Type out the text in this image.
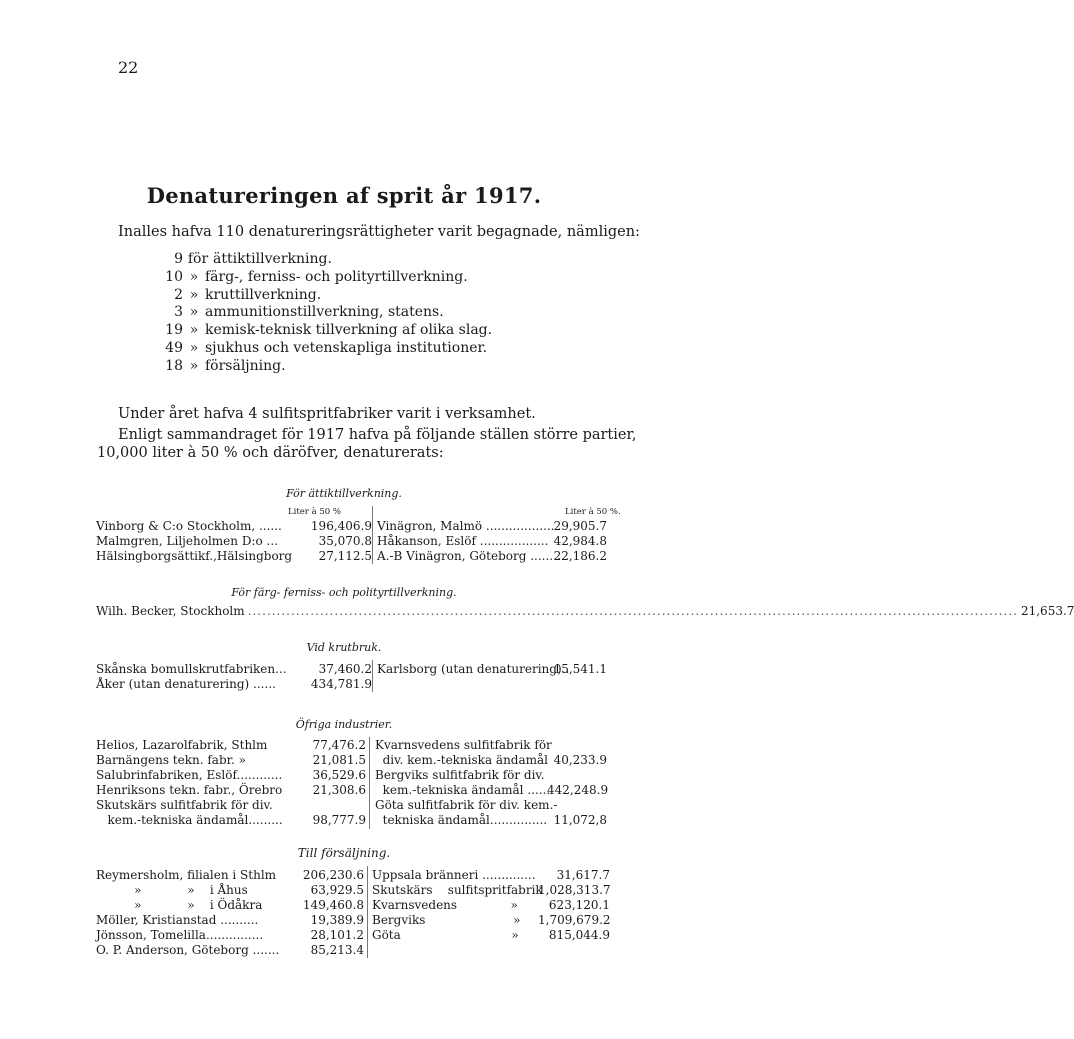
22
Denatureringen af sprit år 1917.
Inalles hafva 110 denatureringsrättigheter varit begagnade, nämligen:
9 för ättiktillverkning.
10 » färg-, ferniss- och polityrtillverkning.
2 » kruttillverkning.
3 » ammunitionstillverkning, statens.
19 » kemisk-teknisk tillverkning af olika slag.
49 » sjukhus och vetenskapliga institutioner.
18 » försäljning.
Under året hafva 4 sulfitspritfabriker varit i verksamhet.
Enligt sammandraget för 1917 hafva på följande ställen större partier,
10,000 liter à 50 % och däröfver, denaturerats:
För ättiktillverkning.
Liter à 50 %	Liter à 50 %.
Vinborg & C:o Stockholm, ......	196,406.9
Malmgren, Liljeholmen D:o ...	35,070.8
Hälsingborgsättikf.,Hälsingborg	27,112.5
Vinägron, Malmö .................. 29,905.7
Håkanson, Eslöf .................. 42,984.8
A.-B Vinägron, Göteborg .........
22,186.2
För färg- ferniss- och polityrtillverkning.
Wilh. Becker, Stockholm
.....	21,653.7
Vid krutbruk.
Skånska bomullskrutfabriken...	37,460.2
Åker (utan denaturering) ......	434,781.9
Karlsborg (utan denaturering)..
15,541.1
Öfriga industrier.
Helios, Lazarolfabrik, Sthlm	77,476.2
Barnängens tekn. fabr. »	21,081.5
Salubrinfabriken, Eslöf............	36,529.6
Henriksons tekn. fabr., Örebro	21,308.6
Skutskärs sulfitfabrik för div.
kem.-tekniska ändamål.........	98,777.9
Kvarnsvedens sulfitfabrik för
div. kem.-tekniska ändamål 40,233.9
Bergviks sulfitfabrik för div.
kem.-tekniska ändamål ......
442,248.9
Göta sulfitfabrik för div. kem.-
tekniska ändamål............... 11,072,8
Till försäljning.
Reymersholm, filialen i Sthlm	206,230.6
»            »    i Åhus	63,929.5
»            »    i Ödåkra	149,460.8
Möller, Kristianstad ..........	19,389.9
Jönsson, Tomelilla...............	28,101.2
O. P. Anderson, Göteborg .......	85,213.4
Uppsala bränneri ..............	31,617.7
Skutskärs    sulfitspritfabrik
1,028,313.7
Kvarnsvedens              »	623,120.1
Bergviks                       »	1,709,679.2
Göta                             »	815,044.9
